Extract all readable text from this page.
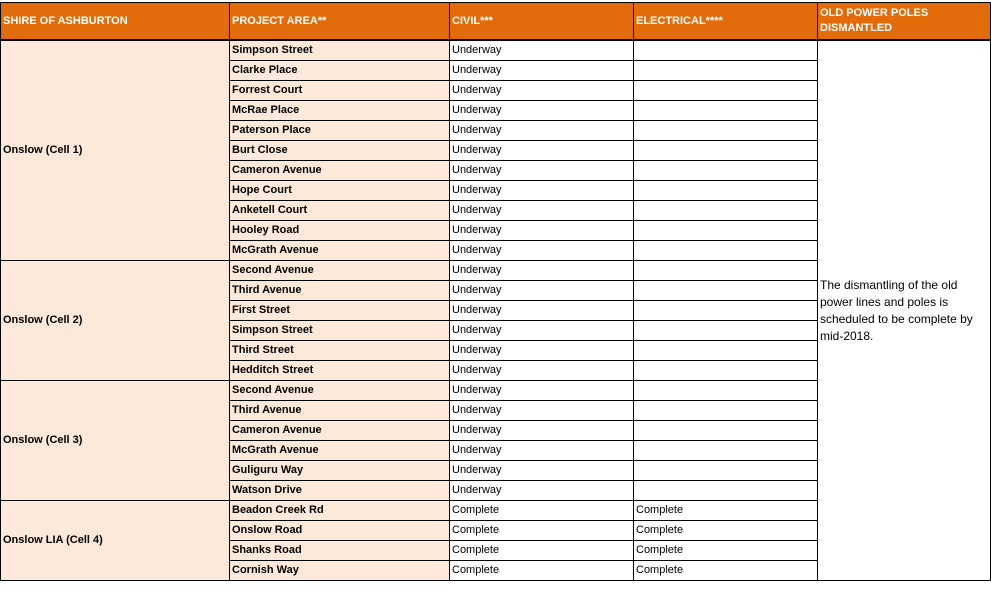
SHIRE OF ASHBURTON	PROJECT AREA**	CIVIL***	ELECTRICAL****	OLD POWER POLES DISMANTLED
Onslow (Cell 1)	Simpson Street	Underway		The dismantling of the old power lines and poles is scheduled to be complete by mid-2018.
	Clarke Place	Underway		
	Forrest Court	Underway		
	McRae Place	Underway		
	Paterson Place	Underway		
	Burt Close	Underway		
	Cameron Avenue	Underway		
	Hope Court	Underway		
	Anketell Court	Underway		
	Hooley Road	Underway		
	McGrath Avenue	Underway		
Onslow (Cell 2)	Second Avenue	Underway		
	Third Avenue	Underway		
	First Street	Underway		
	Simpson Street	Underway		
	Third Street	Underway		
	Hedditch Street	Underway		
Onslow (Cell 3)	Second Avenue	Underway		
	Third Avenue	Underway		
	Cameron Avenue	Underway		
	McGrath Avenue	Underway		
	Guliguru Way	Underway		
	Watson Drive	Underway		
Onslow LIA (Cell 4)	Beadon Creek Rd	Complete	Complete	
	Onslow Road	Complete	Complete	
	Shanks Road	Complete	Complete	
	Cornish Way	Complete	Complete	
